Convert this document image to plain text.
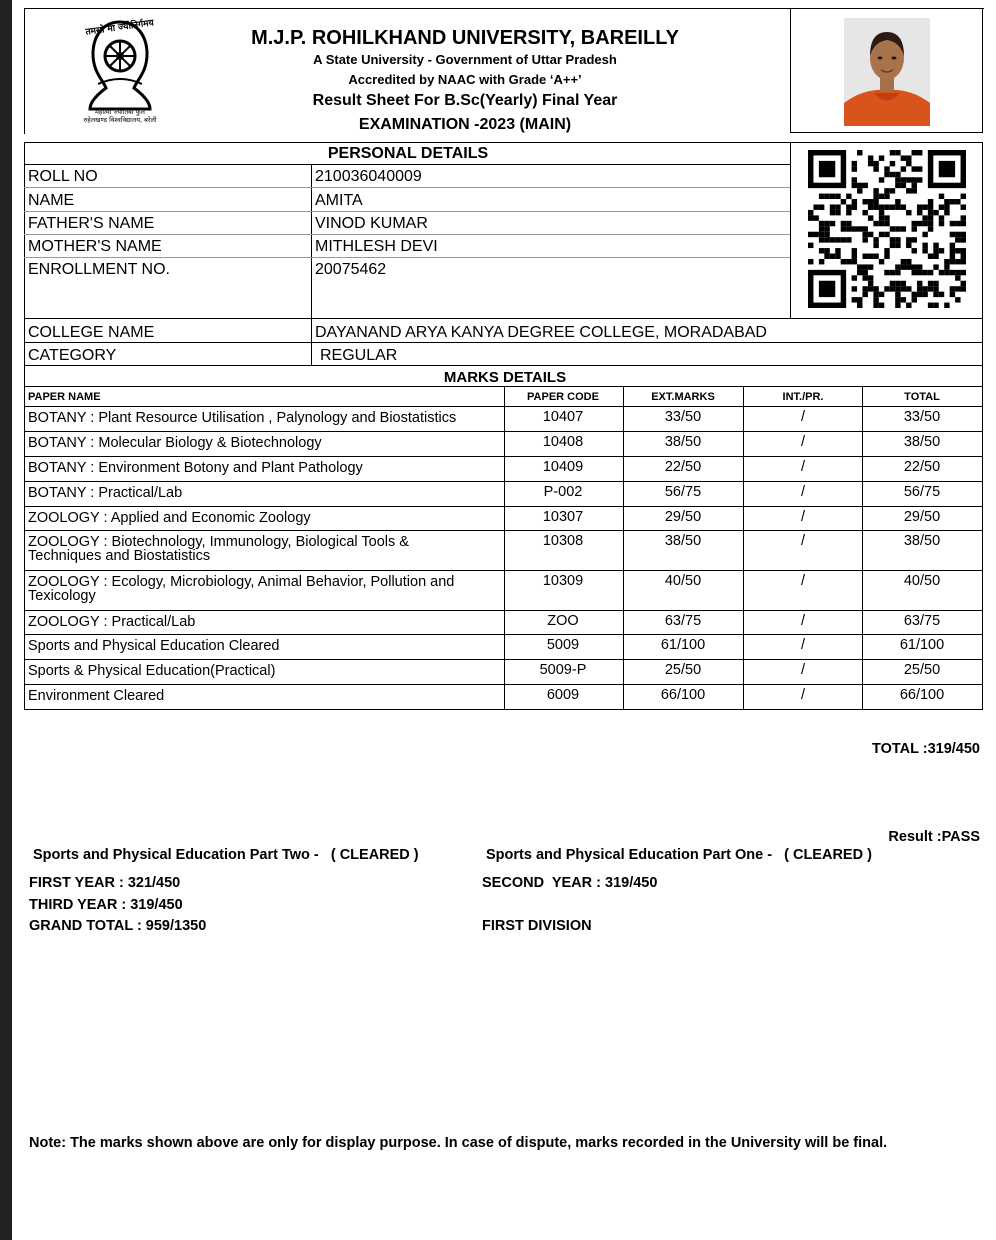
तमसो मा ज्योतिर्गमय
महात्मा ज्योतिबा फुले
रुहेलखण्ड विश्वविद्यालय, बरेली
M.J.P. ROHILKHAND UNIVERSITY, BAREILLY
A State University - Government of Uttar Pradesh
Accredited by NAAC with Grade ‘A++’
Result Sheet For B.Sc(Yearly) Final Year
EXAMINATION -2023 (MAIN)
PERSONAL DETAILS
ROLL NO	210036040009
NAME	AMITA
FATHER'S NAME	VINOD KUMAR
MOTHER'S NAME	MITHLESH DEVI
ENROLLMENT NO.	20075462
COLLEGE NAME	DAYANAND ARYA KANYA DEGREE COLLEGE, MORADABAD
CATEGORY	REGULAR
MARKS DETAILS
PAPER NAME	PAPER CODE	EXT.MARKS	INT./PR.	TOTAL
BOTANY : Plant Resource Utilisation , Palynology and Biostatistics	10407	33/50	/	33/50
BOTANY : Molecular Biology & Biotechnology	10408	38/50	/	38/50
BOTANY : Environment Botony and Plant Pathology	10409	22/50	/	22/50
BOTANY : Practical/Lab	P-002	56/75	/	56/75
ZOOLOGY : Applied and Economic Zoology	10307	29/50	/	29/50
ZOOLOGY : Biotechnology, Immunology, Biological Tools &
Techniques and Biostatistics
10308	38/50	/	38/50
ZOOLOGY : Ecology, Microbiology, Animal Behavior, Pollution and
Texicology
10309	40/50	/	40/50
ZOOLOGY : Practical/Lab	ZOO	63/75	/	63/75
Sports and Physical Education Cleared	5009	61/100	/	61/100
Sports & Physical Education(Practical)	5009-P	25/50	/	25/50
Environment Cleared	6009	66/100	/	66/100
TOTAL :319/450
Result :PASS
Sports and Physical Education Part Two -   ( CLEARED )	Sports and Physical Education Part One -   ( CLEARED )
FIRST YEAR : 321/450	SECOND  YEAR : 319/450
THIRD YEAR : 319/450
GRAND TOTAL : 959/1350	FIRST DIVISION
Note: The marks shown above are only for display purpose. In case of dispute, marks recorded in the University will be final.
